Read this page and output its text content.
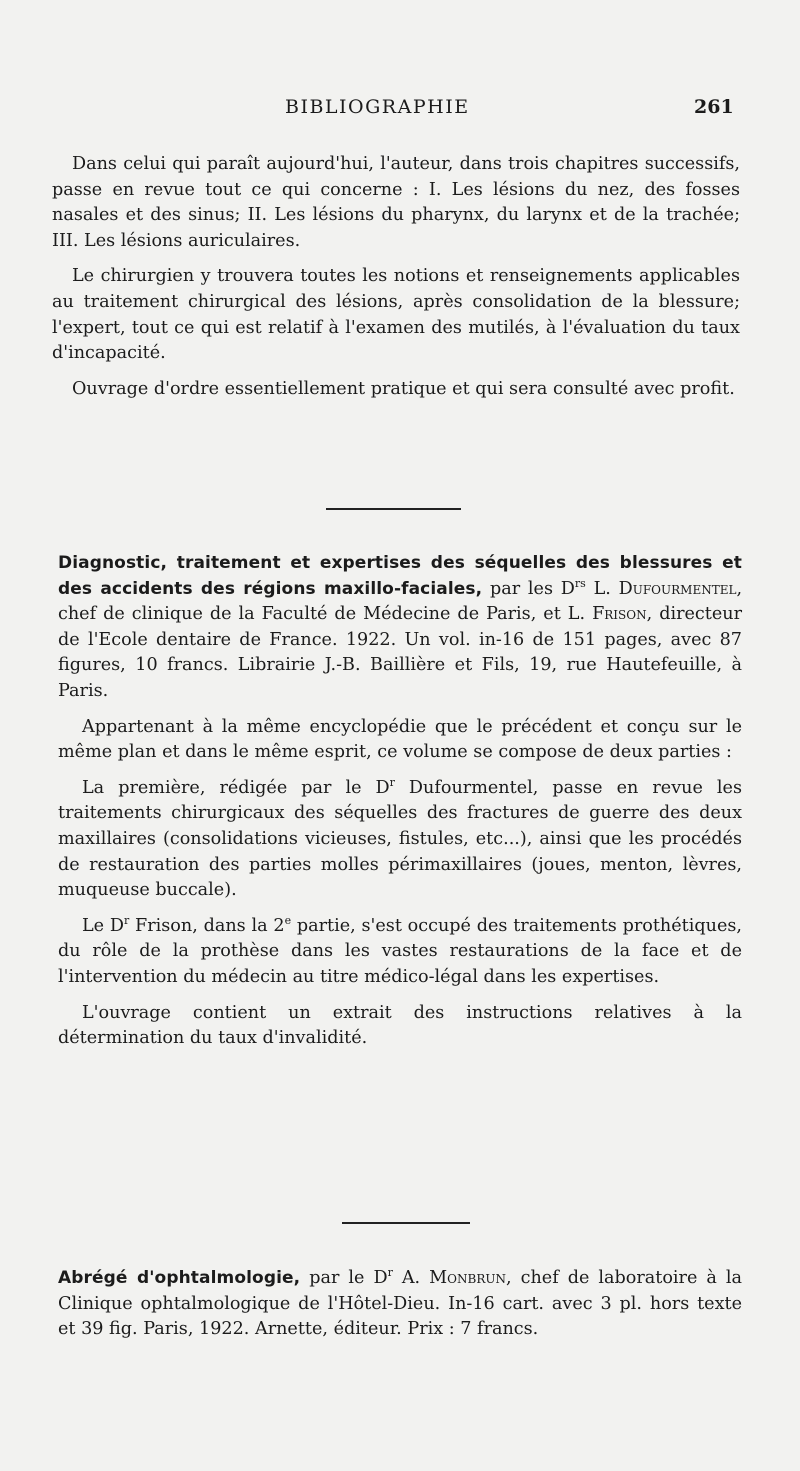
BIBLIOGRAPHIE	261

Dans celui qui paraît aujourd'hui, l'auteur, dans trois chapitres successifs, passe en revue tout ce qui concerne : I. Les lésions du nez, des fosses nasales et des sinus; II. Les lésions du pharynx, du larynx et de la trachée; III. Les lésions auriculaires.

Le chirurgien y trouvera toutes les notions et renseignements applicables au traitement chirurgical des lésions, après consolidation de la blessure; l'expert, tout ce qui est relatif à l'examen des mutilés, à l'évaluation du taux d'incapacité.

Ouvrage d'ordre essentiellement pratique et qui sera consulté avec profit.

Diagnostic, traitement et expertises des séquelles des blessures et des accidents des régions maxillo-faciales, par les $D^{rs}$ L. Dufourmentel, chef de clinique de la Faculté de Médecine de Paris, et L. Frison, directeur de l'Ecole dentaire de France. 1922. Un vol. in-16 de 151 pages, avec 87 figures, 10 francs. Librairie J.-B. Baillière et Fils, 19, rue Hautefeuille, à Paris.

Appartenant à la même encyclopédie que le précédent et conçu sur le même plan et dans le même esprit, ce volume se compose de deux parties :

La première, rédigée par le $D^r$ Dufourmentel, passe en revue les traitements chirurgicaux des séquelles des fractures de guerre des deux maxillaires (consolidations vicieuses, fistules, etc...), ainsi que les procédés de restauration des parties molles périmaxillaires (joues, menton, lèvres, muqueuse buccale).

Le $D^r$ Frison, dans la 2e partie, s'est occupé des traitements prothétiques, du rôle de la prothèse dans les vastes restaurations de la face et de l'intervention du médecin au titre médico-légal dans les expertises.

L'ouvrage contient un extrait des instructions relatives à la détermination du taux d'invalidité.

Abrégé d'ophtalmologie, par le $D^r$ A. Monbrun, chef de laboratoire à la Clinique ophtalmologique de l'Hôtel-Dieu. In-16 cart. avec 3 pl. hors texte et 39 fig. Paris, 1922. Arnette, éditeur. Prix : 7 francs.
